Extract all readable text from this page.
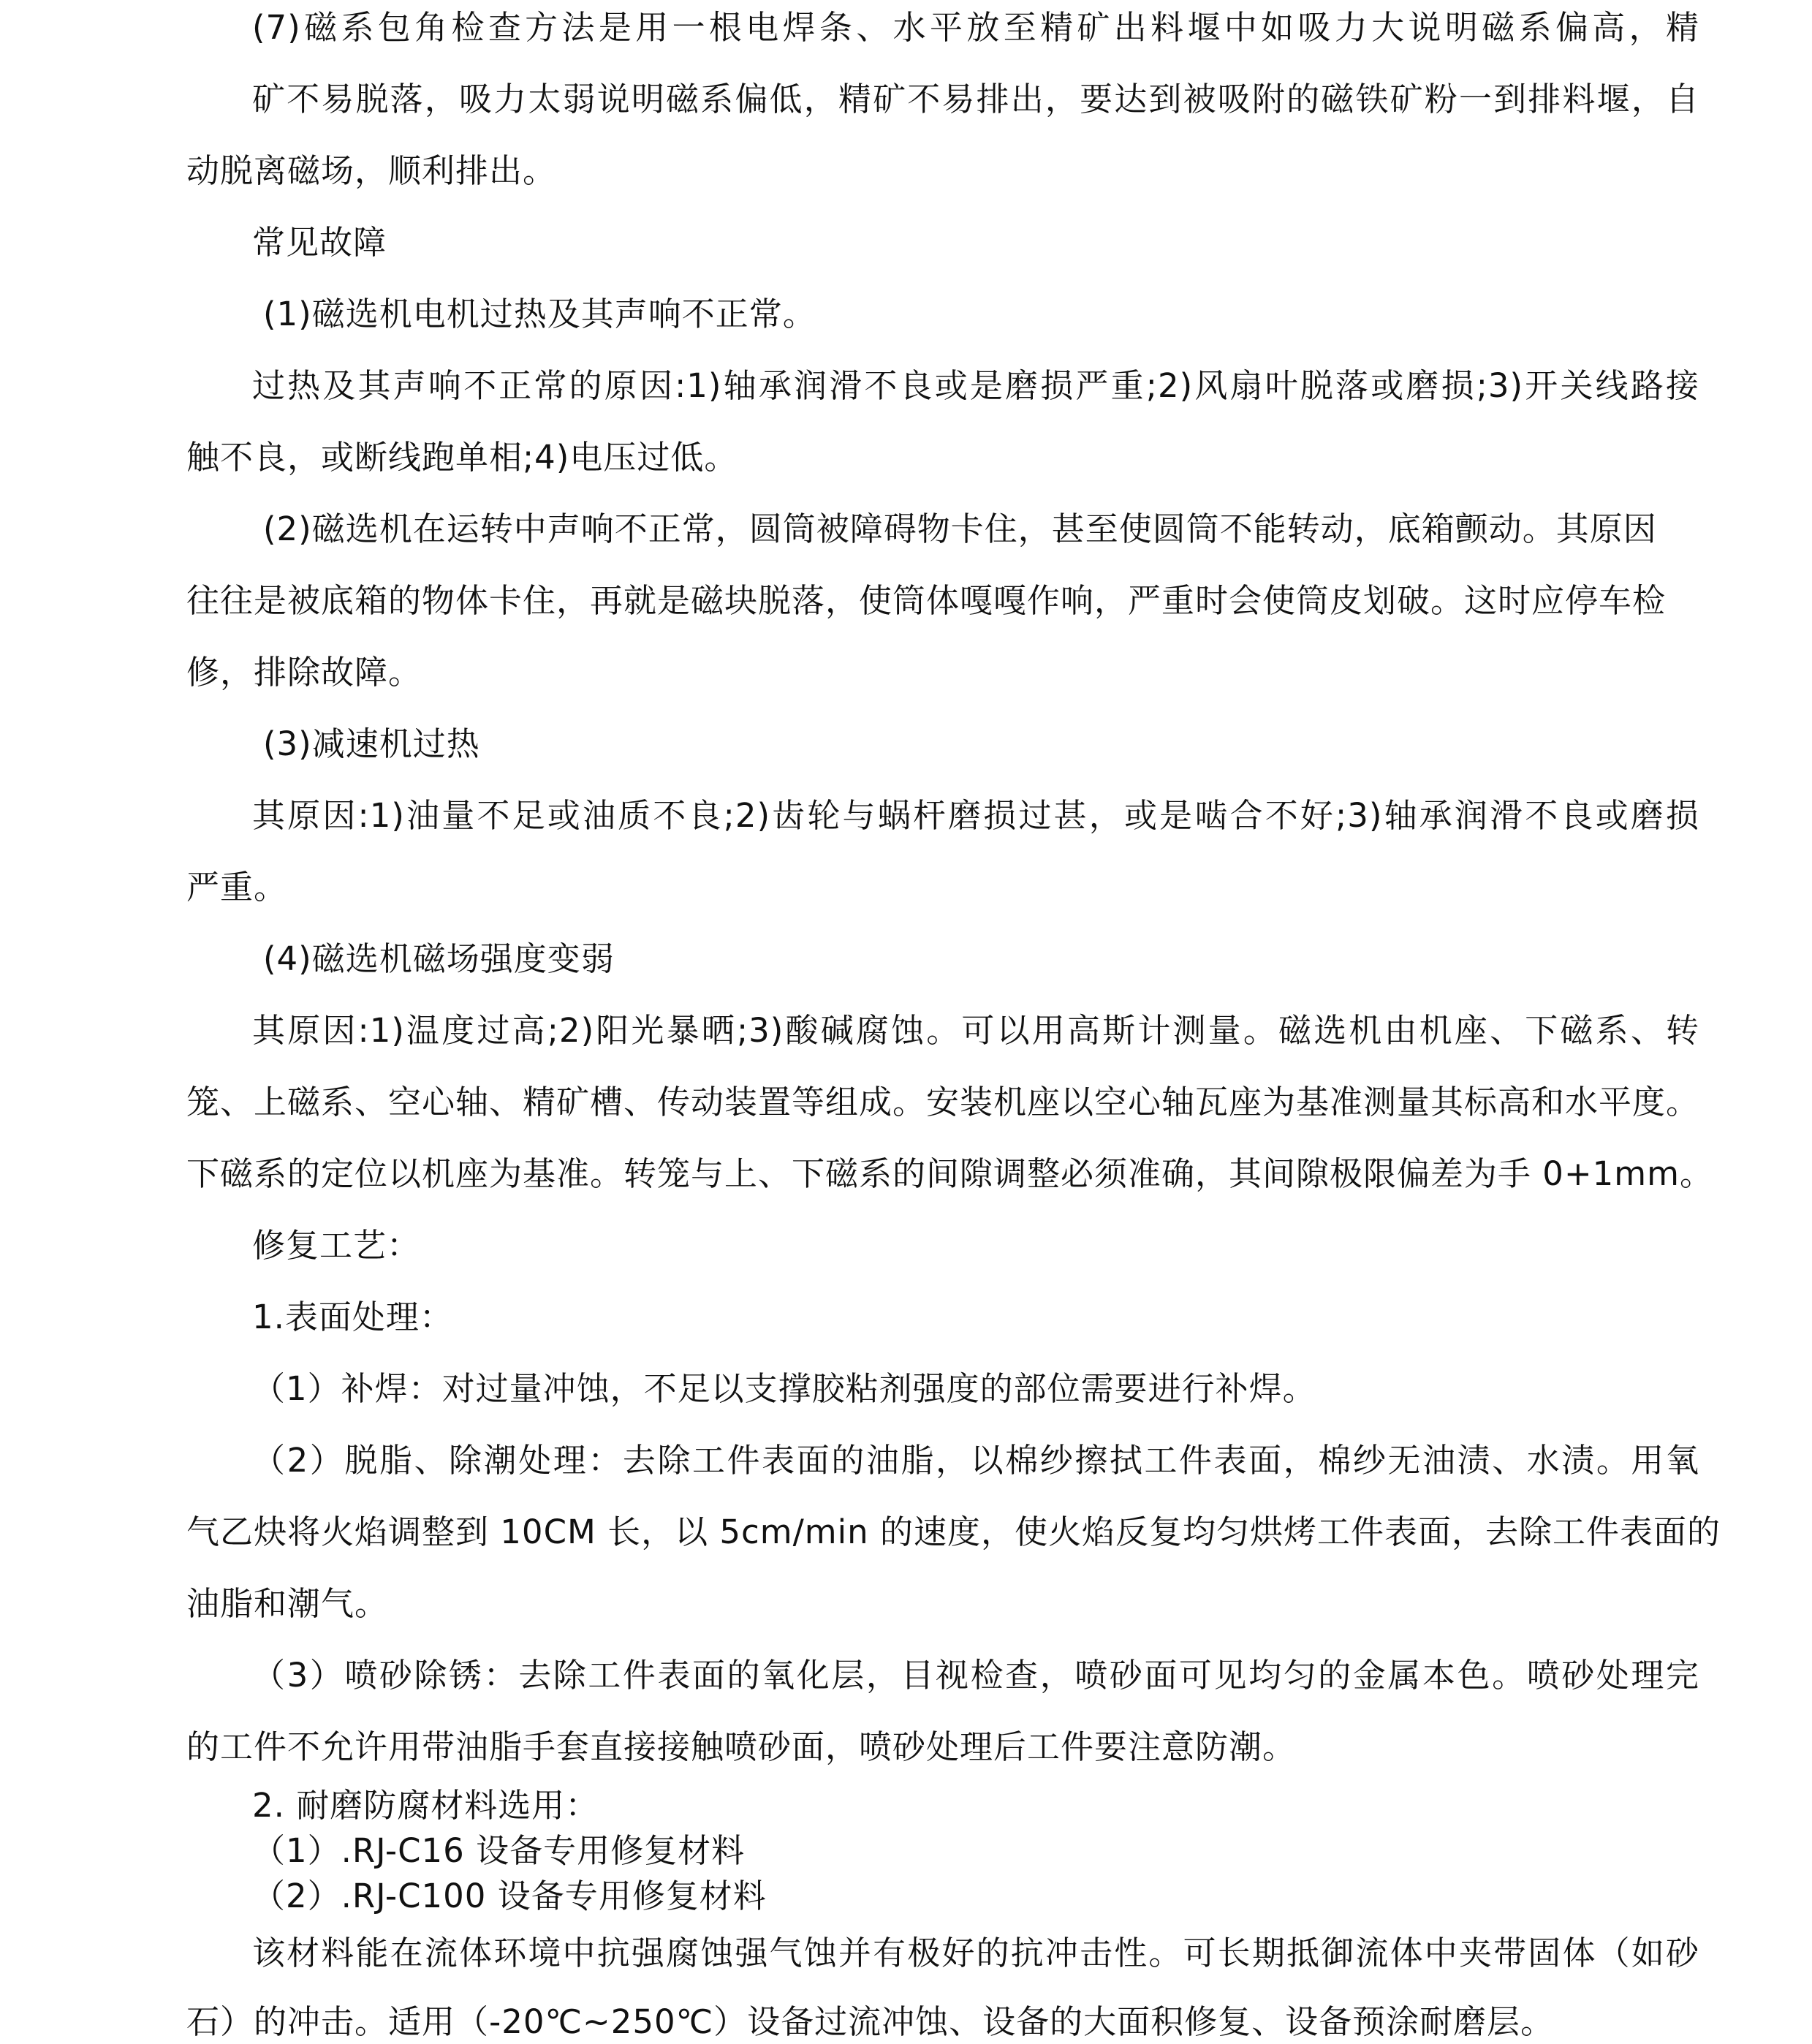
(7)磁系包角检查方法是用一根电焊条、水平放至精矿出料堰中如吸力大说明磁系偏高，精
矿不易脱落，吸力太弱说明磁系偏低，精矿不易排出，要达到被吸附的磁铁矿粉一到排料堰，自
动脱离磁场，顺利排出。
常见故障
(1)磁选机电机过热及其声响不正常。
过热及其声响不正常的原因:1)轴承润滑不良或是磨损严重;2)风扇叶脱落或磨损;3)开关线路接
触不良，或断线跑单相;4)电压过低。
(2)磁选机在运转中声响不正常，圆筒被障碍物卡住，甚至使圆筒不能转动，底箱颤动。其原因
往往是被底箱的物体卡住，再就是磁块脱落，使筒体嘎嘎作响，严重时会使筒皮划破。这时应停车检
修，排除故障。
(3)减速机过热
其原因:1)油量不足或油质不良;2)齿轮与蜗杆磨损过甚，或是啮合不好;3)轴承润滑不良或磨损
严重。
(4)磁选机磁场强度变弱
其原因:1)温度过高;2)阳光暴晒;3)酸碱腐蚀。可以用高斯计测量。磁选机由机座、下磁系、转
笼、上磁系、空心轴、精矿槽、传动装置等组成。安装机座以空心轴瓦座为基准测量其标高和水平度。
下磁系的定位以机座为基准。转笼与上、下磁系的间隙调整必须准确，其间隙极限偏差为手 0+1mm。
修复工艺：
1.表面处理：
（1）补焊：对过量冲蚀，不足以支撑胶粘剂强度的部位需要进行补焊。
（2）脱脂、除潮处理：去除工件表面的油脂，以棉纱擦拭工件表面，棉纱无油渍、水渍。用氧
气乙炔将火焰调整到 10CM 长，以 5cm/min 的速度，使火焰反复均匀烘烤工件表面，去除工件表面的
油脂和潮气。
（3）喷砂除锈：去除工件表面的氧化层，目视检查，喷砂面可见均匀的金属本色。喷砂处理完
的工件不允许用带油脂手套直接接触喷砂面，喷砂处理后工件要注意防潮。
2. 耐磨防腐材料选用：
（1）.RJ-C16 设备专用修复材料
（2）.RJ-C100 设备专用修复材料
该材料能在流体环境中抗强腐蚀强气蚀并有极好的抗冲击性。可长期抵御流体中夹带固体（如砂
石）的冲击。适用（-20℃~250℃）设备过流冲蚀、设备的大面积修复、设备预涂耐磨层。
